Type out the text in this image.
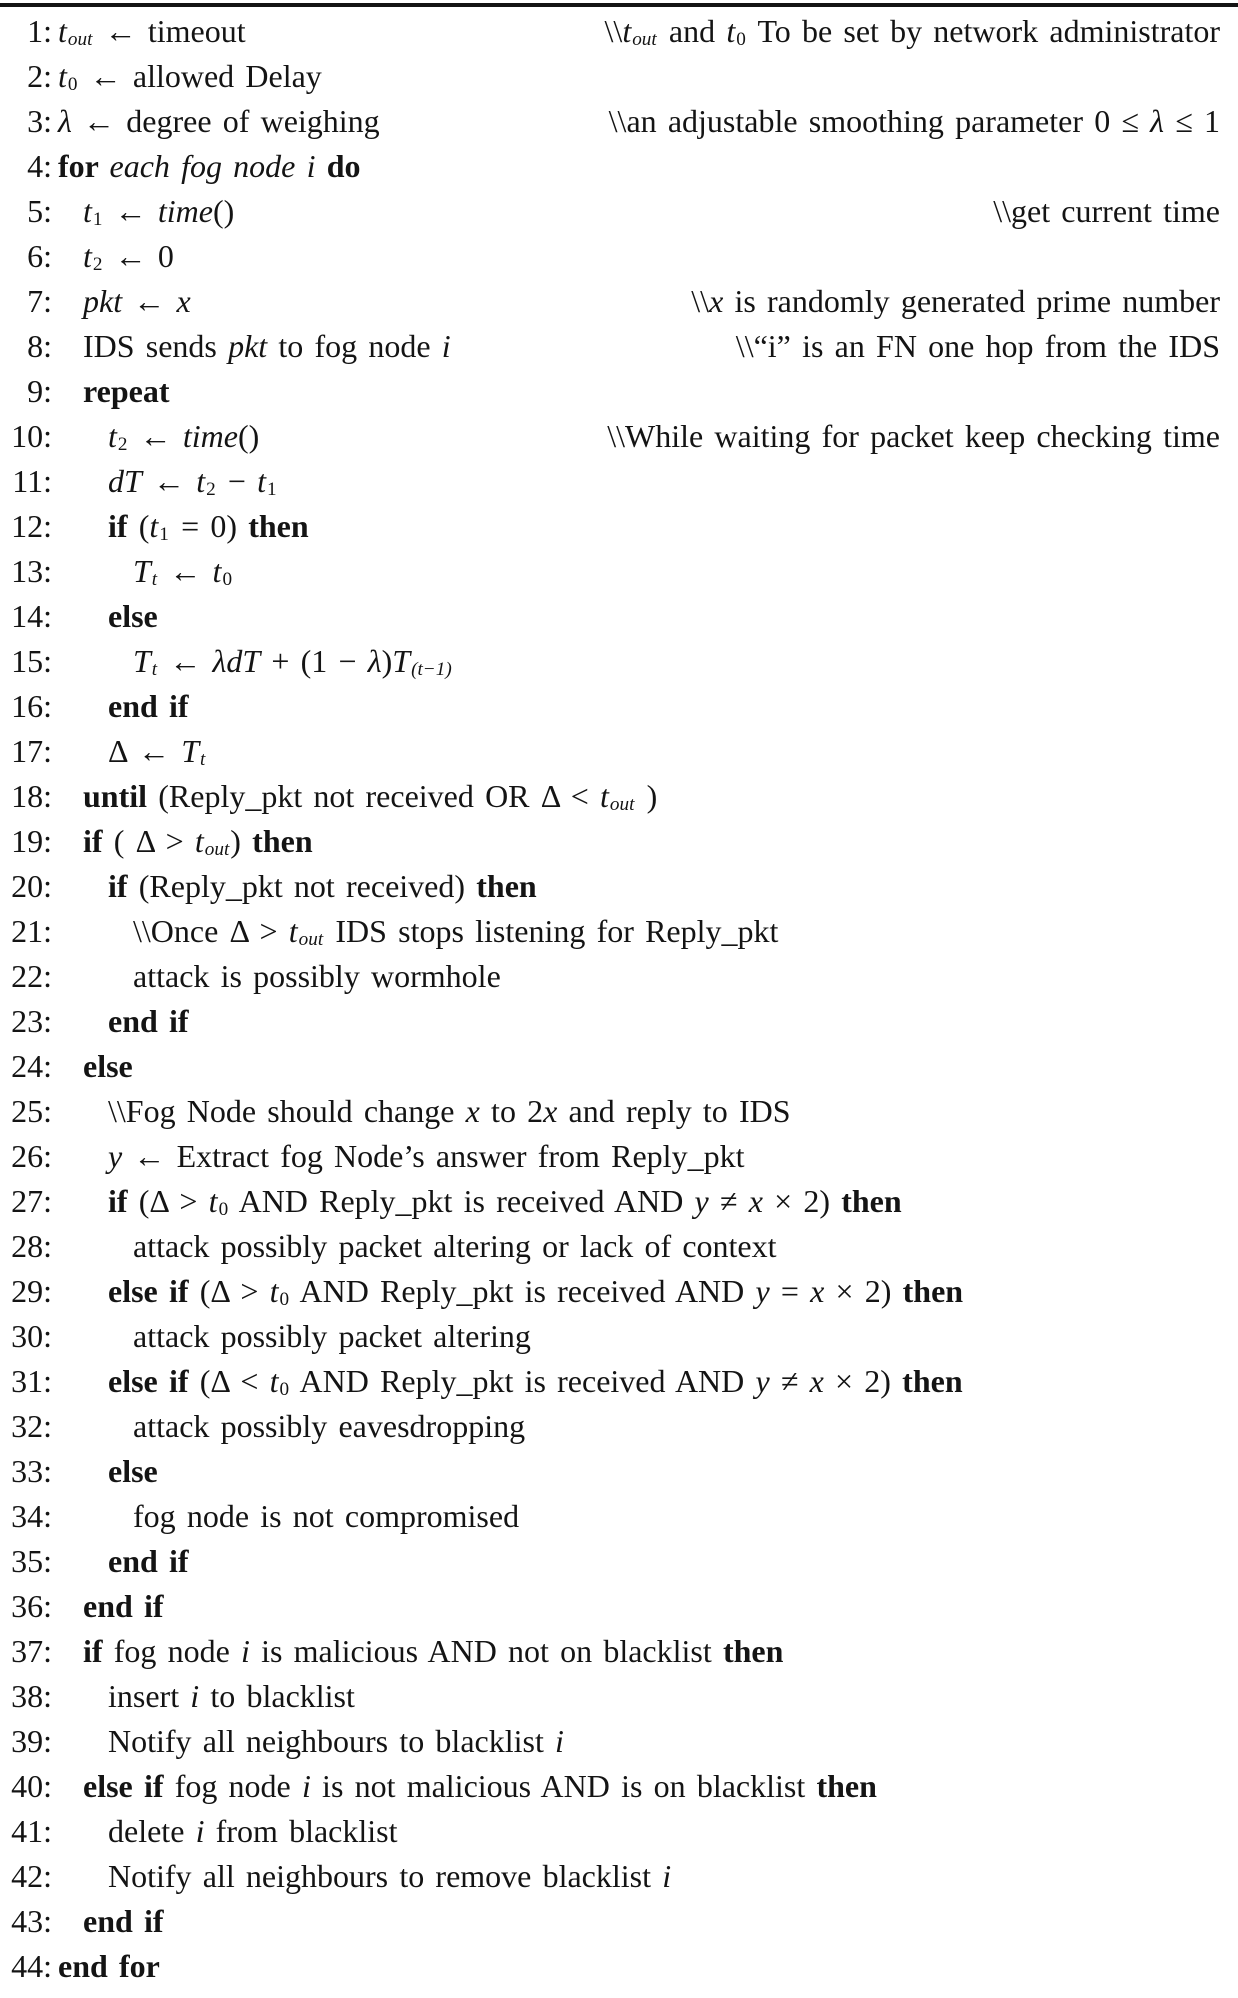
1: tout ← timeout	\\tout and t0 To be set by network administrator
2: t0 ← allowed Delay
3: λ ← degree of weighing	\\an adjustable smoothing parameter 0 ≤ λ ≤ 1
4: for each fog node i do
5: t1 ← time()	\\get current time
6: t2 ← 0
7: pkt ← x	\\x is randomly generated prime number
8: IDS sends pkt to fog node i	\\“i” is an FN one hop from the IDS
9: repeat
10: t2 ← time()	\\While waiting for packet keep checking time
11: dT ← t2 − t1
12: if (t1 = 0) then
13:	Tt ← t0
14: else
15:	Tt ← λdT + (1 − λ)T(t−1)
16: end if
17: Δ ← Tt
18: until (Reply_pkt not received OR Δ < tout )
19: if ( Δ > tout) then
20: if (Reply_pkt not received) then
21:	\\Once Δ > tout IDS stops listening for Reply_pkt
22:	attack is possibly wormhole
23: end if
24: else
25: \\Fog Node should change x to 2x and reply to IDS
26: y ← Extract fog Node’s answer from Reply_pkt
27: if (Δ > t0 AND Reply_pkt is received AND y ≠ x × 2) then
28:	attack possibly packet altering or lack of context
29: else if (Δ > t0 AND Reply_pkt is received AND y = x × 2) then
30:	attack possibly packet altering
31: else if (Δ < t0 AND Reply_pkt is received AND y ≠ x × 2) then
32:	attack possibly eavesdropping
33: else
34:	fog node is not compromised
35: end if
36: end if
37: if fog node i is malicious AND not on blacklist then
38: insert i to blacklist
39: Notify all neighbours to blacklist i
40: else if fog node i is not malicious AND is on blacklist then
41: delete i from blacklist
42: Notify all neighbours to remove blacklist i
43: end if
44: end for
